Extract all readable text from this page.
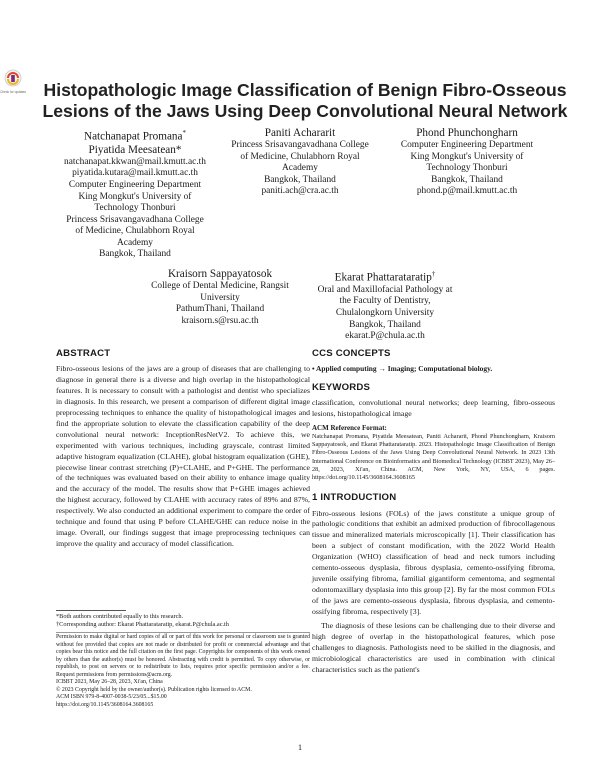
Check for updates Histopathologic Image Classification of Benign Fibro-Osseous
Lesions of the Jaws Using Deep Convolutional Neural Network
Natchanapat Promana*
Piyatida Meesatean*
natchanapat.kkwan@mail.kmutt.ac.th
piyatida.kutara@mail.kmutt.ac.th
Computer Engineering Department
King Mongkut's University of
Technology Thonburi
Princess Srisavangavadhana College
of Medicine, Chulabhorn Royal
Academy
Bangkok, Thailand
Paniti Achararit
Princess Srisavangavadhana College
of Medicine, Chulabhorn Royal
Academy
Bangkok, Thailand
paniti.ach@cra.ac.th
Phond Phunchongharn
Computer Engineering Department
King Mongkut's University of
Technology Thonburi
Bangkok, Thailand
phond.p@mail.kmutt.ac.th
Kraisorn Sappayatosok
College of Dental Medicine, Rangsit
University
PathumThani, Thailand
kraisorn.s@rsu.ac.th
Ekarat Phattarataratip†
Oral and Maxillofacial Pathology at
the Faculty of Dentistry,
Chulalongkorn University
Bangkok, Thailand
ekarat.P@chula.ac.th
ABSTRACT

Fibro-osseous lesions of the jaws are a group of diseases that are challenging to diagnose in general there is a diverse and high overlap in the histopathological features. It is necessary to consult with a pathologist and dentist who specializes in diagnosis. In this research, we present a comparison of different digital image preprocessing techniques to enhance the quality of histopathological images and find the appropriate solution to elevate the classification capability of the deep convolutional neural network: InceptionResNetV2. To achieve this, we experimented with various techniques, including grayscale, contrast limited adaptive histogram equalization (CLAHE), global histogram equalization (GHE), piecewise linear contrast stretching (P)+CLAHE, and P+GHE. The performance of the techniques was evaluated based on their ability to enhance image quality and the accuracy of the model. The results show that P+GHE images achieved the highest accuracy, followed by CLAHE with accuracy rates of 89% and 87%, respectively. We also conducted an additional experiment to compare the order of technique and found that using P before CLAHE/GHE can reduce noise in the image. Overall, our findings suggest that image preprocessing techniques can improve the quality and accuracy of model classification.

*Both authors contributed equally to this research.
†Corresponding author: Ekarat Phattarataratip, ekarat.P@chula.ac.th

Permission to make digital or hard copies of all or part of this work for personal or classroom use is granted without fee provided that copies are not made or distributed for profit or commercial advantage and that copies bear this notice and the full citation on the first page. Copyrights for components of this work owned by others than the author(s) must be honored. Abstracting with credit is permitted. To copy otherwise, or republish, to post on servers or to redistribute to lists, requires prior specific permission and/or a fee. Request permissions from permissions@acm.org.

ICBBT 2023, May 26–28, 2023, Xi'an, China

© 2023 Copyright held by the owner/author(s). Publication rights licensed to ACM.

ACM ISBN 979-8-4007-0038-5/23/05...$15.00

https://doi.org/10.1145/3608164.3608165

CCS CONCEPTS

• Applied computing → Imaging; Computational biology.

KEYWORDS

classification, convolutional neural networks; deep learning, fibro-osseous lesions, histopathological image

ACM Reference Format:

Natchanapat Promana, Piyatida Meesatean, Paniti Achararit, Phond Phunchongharn, Kraisorn Sappayatosok, and Ekarat Phattarataratip. 2023. Histopathologic Image Classification of Benign Fibro-Osseous Lesions of the Jaws Using Deep Convolutional Neural Network. In 2023 13th International Conference on Bioinformatics and Biomedical Technology (ICBBT 2023), May 26–28, 2023, Xi'an, China. ACM, New York, NY, USA, 6 pages. https://doi.org/10.1145/3608164.3608165

1 INTRODUCTION

Fibro-osseous lesions (FOLs) of the jaws constitute a unique group of pathologic conditions that exhibit an admixed production of fibrocollagenous tissue and mineralized materials microscopically [1]. Their classification has been a subject of constant modification, with the 2022 World Health Organization (WHO) classification of head and neck tumors including cemento-osseous dysplasia, fibrous dysplasia, cemento-ossifying fibroma, juvenile ossifying fibroma, familial gigantiform cementoma, and segmental odontomaxillary dysplasia into this group [2]. By far the most common FOLs of the jaws are cemento-osseous dysplasia, fibrous dysplasia, and cemento-ossifying fibroma, respectively [3].

The diagnosis of these lesions can be challenging due to their diverse and high degree of overlap in the histopathological features, which pose challenges to diagnosis. Pathologists need to be skilled in the diagnosis, and microbiological characteristics are used in combination with clinical characteristics such as the patient's

1
